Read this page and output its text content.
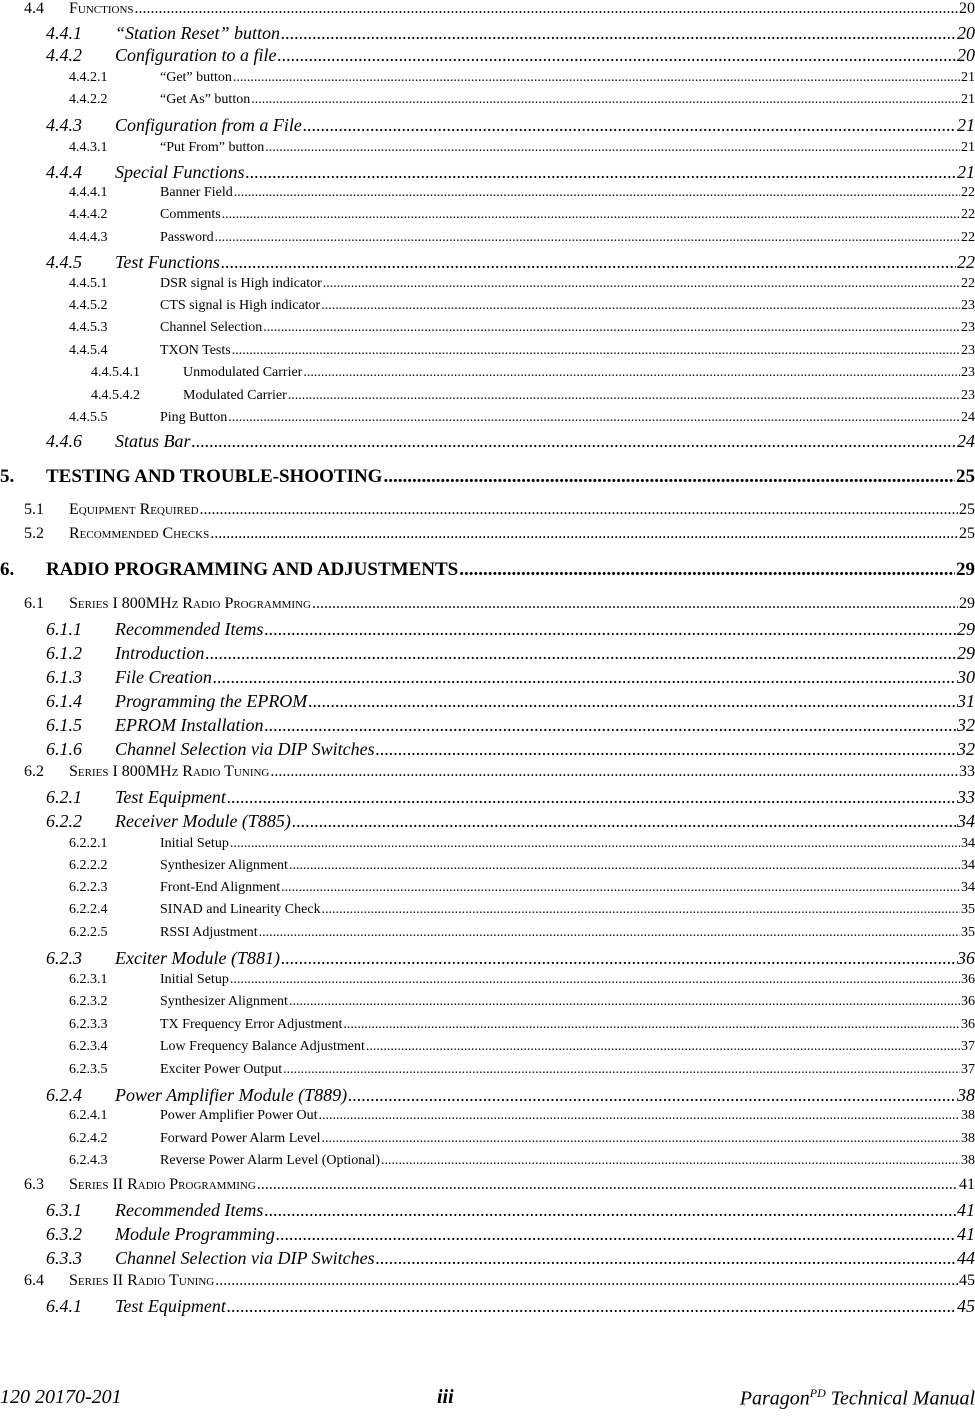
4.4	Functions .....	20
4.4.1	“Station Reset” button .....	20
4.4.2	Configuration to a file .....	20
4.4.2.1	“Get” button .....	21
4.4.2.2	“Get As” button .....	21
4.4.3	Configuration from a File .....	21
4.4.3.1	“Put From” button .....	21
4.4.4	Special Functions .....	21
4.4.4.1	Banner Field .....	22
4.4.4.2	Comments .....	22
4.4.4.3	Password .....	22
4.4.5	Test Functions .....	22
4.4.5.1	DSR signal is High indicator .....	22
4.4.5.2	CTS signal is High indicator .....	23
4.4.5.3	Channel Selection .....	23
4.4.5.4	TXON Tests .....	23
4.4.5.4.1	Unmodulated Carrier .....	23
4.4.5.4.2	Modulated Carrier .....	23
4.4.5.5	Ping Button .....	24
4.4.6	Status Bar .....	24
5.	TESTING AND TROUBLE-SHOOTING .....	25
5.1	Equipment Required .....	25
5.2	Recommended Checks .....	25
6.	RADIO PROGRAMMING AND ADJUSTMENTS .....	29
6.1	Series I 800MHz Radio Programming .....	29
6.1.1	Recommended Items .....	29
6.1.2	Introduction .....	29
6.1.3	File Creation .....	30
6.1.4	Programming the EPROM .....	31
6.1.5	EPROM Installation .....	32
6.1.6	Channel Selection via DIP Switches .....	32
6.2	Series I 800MHz Radio Tuning .....	33
6.2.1	Test Equipment .....	33
6.2.2	Receiver Module (T885) .....	34
6.2.2.1	Initial Setup .....	34
6.2.2.2	Synthesizer Alignment .....	34
6.2.2.3	Front-End Alignment .....	34
6.2.2.4	SINAD and Linearity Check .....	35
6.2.2.5	RSSI Adjustment .....	35
6.2.3	Exciter Module (T881) .....	36
6.2.3.1	Initial Setup .....	36
6.2.3.2	Synthesizer Alignment .....	36
6.2.3.3	TX Frequency Error Adjustment .....	36
6.2.3.4	Low Frequency Balance Adjustment .....	37
6.2.3.5	Exciter Power Output .....	37
6.2.4	Power Amplifier Module (T889) .....	38
6.2.4.1	Power Amplifier Power Out .....	38
6.2.4.2	Forward Power Alarm Level .....	38
6.2.4.3	Reverse Power Alarm Level (Optional) .....	38
6.3	Series II Radio Programming .....	41
6.3.1	Recommended Items .....	41
6.3.2	Module Programming .....	41
6.3.3	Channel Selection via DIP Switches .....	44
6.4	Series II Radio Tuning .....	45
6.4.1	Test Equipment .....	45
120 20170-201	iii	Paragon$^{PD}$ Technical Manual
